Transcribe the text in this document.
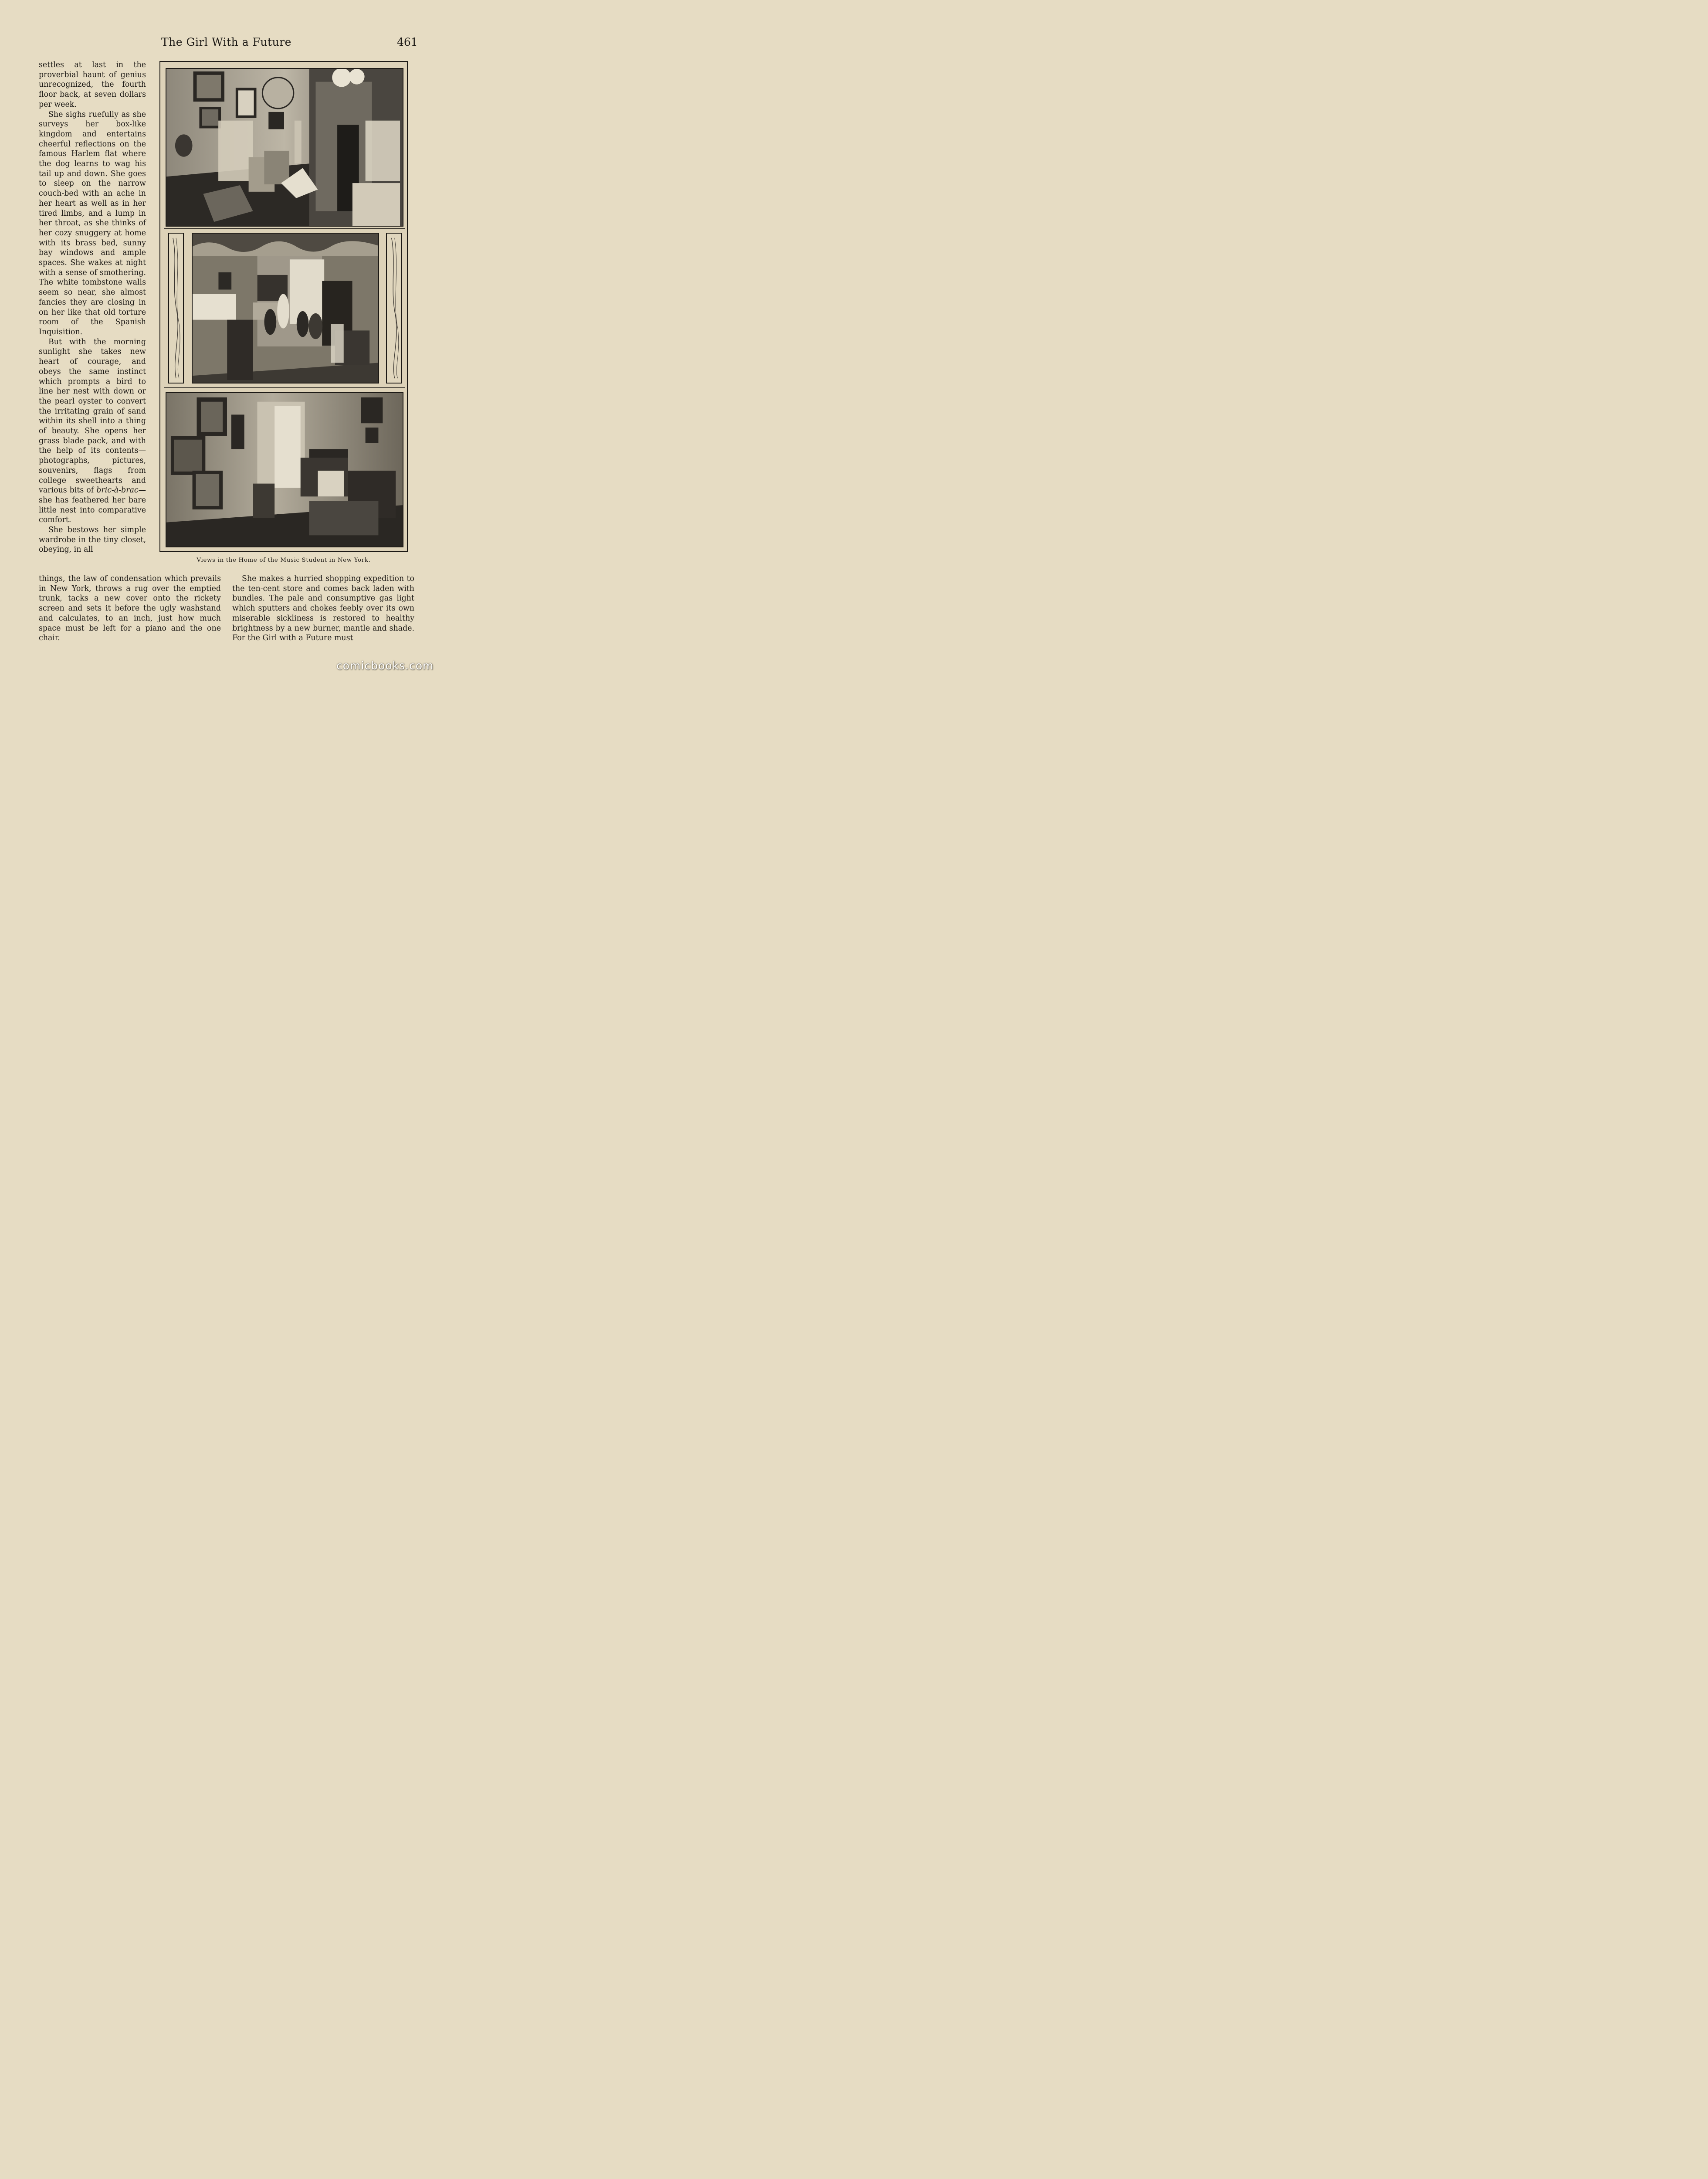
The Girl With a Future	461

settles at last in the proverbial haunt of genius unrecognized, the fourth floor back, at seven dollars per week.

She sighs ruefully as she surveys her box-like kingdom and entertains cheerful reflections on the famous Harlem flat where the dog learns to wag his tail up and down. She goes to sleep on the narrow couch-bed with an ache in her heart as well as in her tired limbs, and a lump in her throat, as she thinks of her cozy snuggery at home with its brass bed, sunny bay windows and ample spaces. She wakes at night with a sense of smothering. The white tombstone walls seem so near, she almost fancies they are closing in on her like that old torture room of the Spanish Inquisition.

But with the morning sunlight she takes new heart of courage, and obeys the same instinct which prompts a bird to line her nest with down or the pearl oyster to convert the irritating grain of sand within its shell into a thing of beauty. She opens her grass blade pack, and with the help of its contents—photographs, pictures, souvenirs, flags from college sweethearts and various bits of bric-à-brac—she has feathered her bare little nest into comparative comfort.

She bestows her simple wardrobe in the tiny closet, obeying, in all

Views in the Home of the Music Student in New York.
things, the law of condensation which prevails in New York, throws a rug over the emptied trunk, tacks a new cover onto the rickety screen and sets it before the ugly washstand and calculates, to an inch, just how much space must be left for a piano and the one chair.
She makes a hurried shopping expedition to the ten-cent store and comes back laden with bundles. The pale and consumptive gas light which sputters and chokes feebly over its own miserable sickliness is restored to healthy brightness by a new burner, mantle and shade. For the Girl with a Future must
comicbooks.com
